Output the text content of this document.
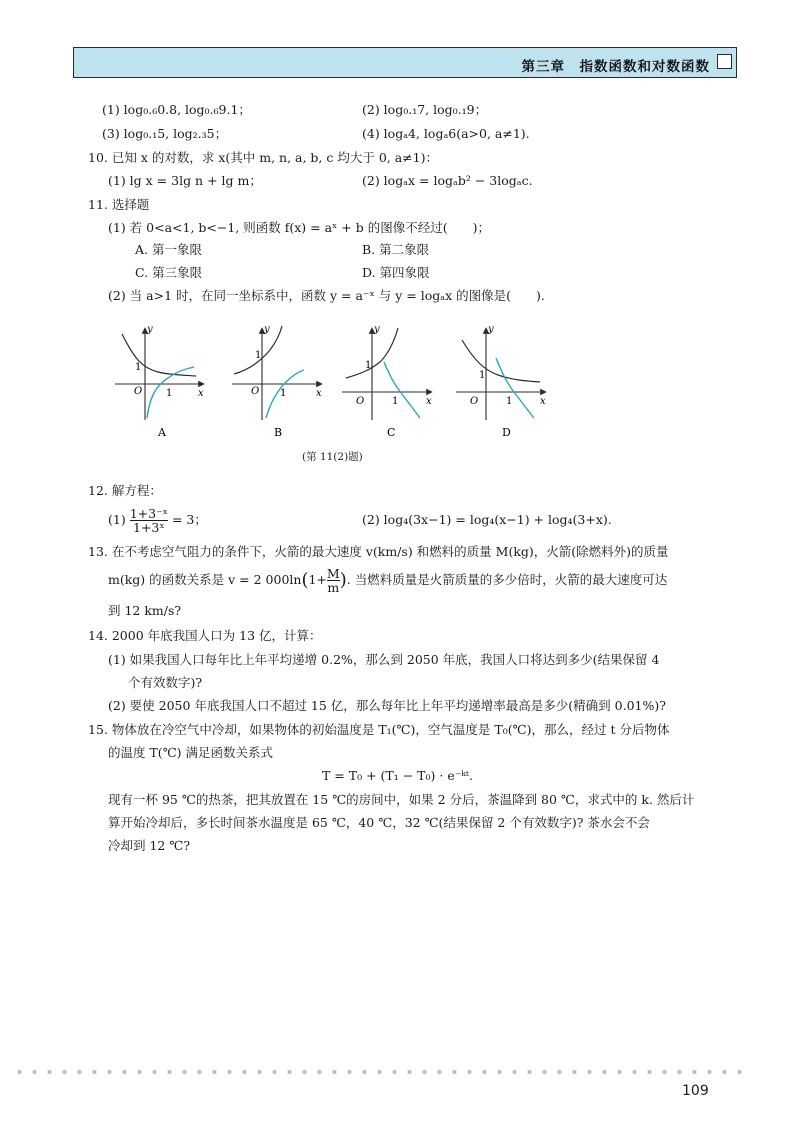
第三章　指数函数和对数函数
(1) log₀.₆0.8, log₀.₆9.1；	(2) log₀.₁7, log₀.₁9；
(3) log₀.₁5, log₂.₃5；	(4) logₐ4, logₐ6(a>0, a≠1).
10. 已知 x 的对数，求 x(其中 m, n, a, b, c 均大于 0, a≠1)：
(1) lg x = 3lg n + lg m；	(2) logₐx = logₐb² − 3logₐc.
11. 选择题
(1) 若 0<a<1, b<−1, 则函数 f(x) = aˣ + b 的图像不经过(　　)；
A. 第一象限	B. 第二象限
C. 第三象限	D. 第四象限
(2) 当 a>1 时，在同一坐标系中，函数 y = a⁻ˣ 与 y = logₐx 的图像是(　　).
y
x
O
1
1
A
y
x
O
1
1
B
y
x
O
1
1
C
y
x
O
1
1
D
(第 11(2)题)
12. 解方程：
$(1) \frac{\text{1+3⁻ˣ}}{\text{1+3ˣ}} = 3$；	(2) log₄(3x−1) = log₄(x−1) + log₄(3+x).
13. 在不考虑空气阻力的条件下，火箭的最大速度 v(km/s) 和燃料的质量 M(kg)，火箭(除燃料外)的质量
m(kg) 的函数关系是 v = 2 $000\ln(1+ \frac{M}{m}$ ). 当燃料质量是火箭质量的多少倍时，火箭的最大速度可达
到 12 km/s?
14. 2000 年底我国人口为 13 亿，计算：
(1) 如果我国人口每年比上年平均递增 0.2%，那么到 2050 年底，我国人口将达到多少(结果保留 4
个有效数字)?
(2) 要使 2050 年底我国人口不超过 15 亿，那么每年比上年平均递增率最高是多少(精确到 0.01%)?
15. 物体放在冷空气中冷却，如果物体的初始温度是 T₁(℃)，空气温度是 T₀(℃)，那么，经过 t 分后物体
的温度 T(℃) 满足函数关系式
T = T₀ + (T₁ − T₀) · e⁻ᵏᵗ.
现有一杯 95 ℃的热茶，把其放置在 15 ℃的房间中，如果 2 分后，茶温降到 80 ℃，求式中的 k. 然后计
算开始冷却后，多长时间茶水温度是 65 ℃，40 ℃，32 ℃(结果保留 2 个有效数字)? 茶水会不会
冷却到 12 ℃?
109
